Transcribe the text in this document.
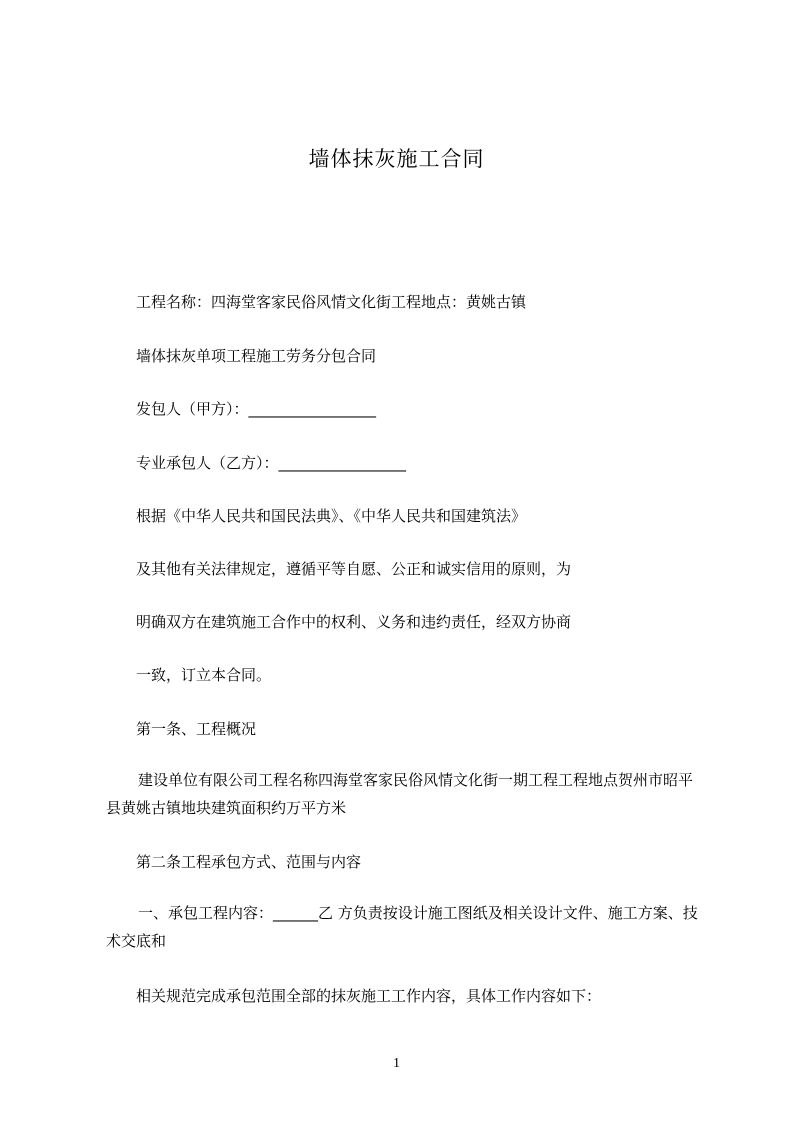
墙体抹灰施工合同
工程名称：四海堂客家民俗风情文化街工程地点：黄姚古镇
墙体抹灰单项工程施工劳务分包合同
发包人（甲方）：_________________
专业承包人（乙方）：_________________
根据《中华人民共和国民法典》、《中华人民共和国建筑法》
及其他有关法律规定，遵循平等自愿、公正和诚实信用的原则，为
明确双方在建筑施工合作中的权利、义务和违约责任，经双方协商
一致，订立本合同。
第一条、工程概况
建设单位有限公司工程名称四海堂客家民俗风情文化街一期工程工程地点贺州市昭平县黄姚古镇地块建筑面积约万平方米
第二条工程承包方式、范围与内容
一、承包工程内容：______乙 方负责按设计施工图纸及相关设计文件、施工方案、技术交底和
相关规范完成承包范围全部的抹灰施工工作内容，具体工作内容如下：
1
